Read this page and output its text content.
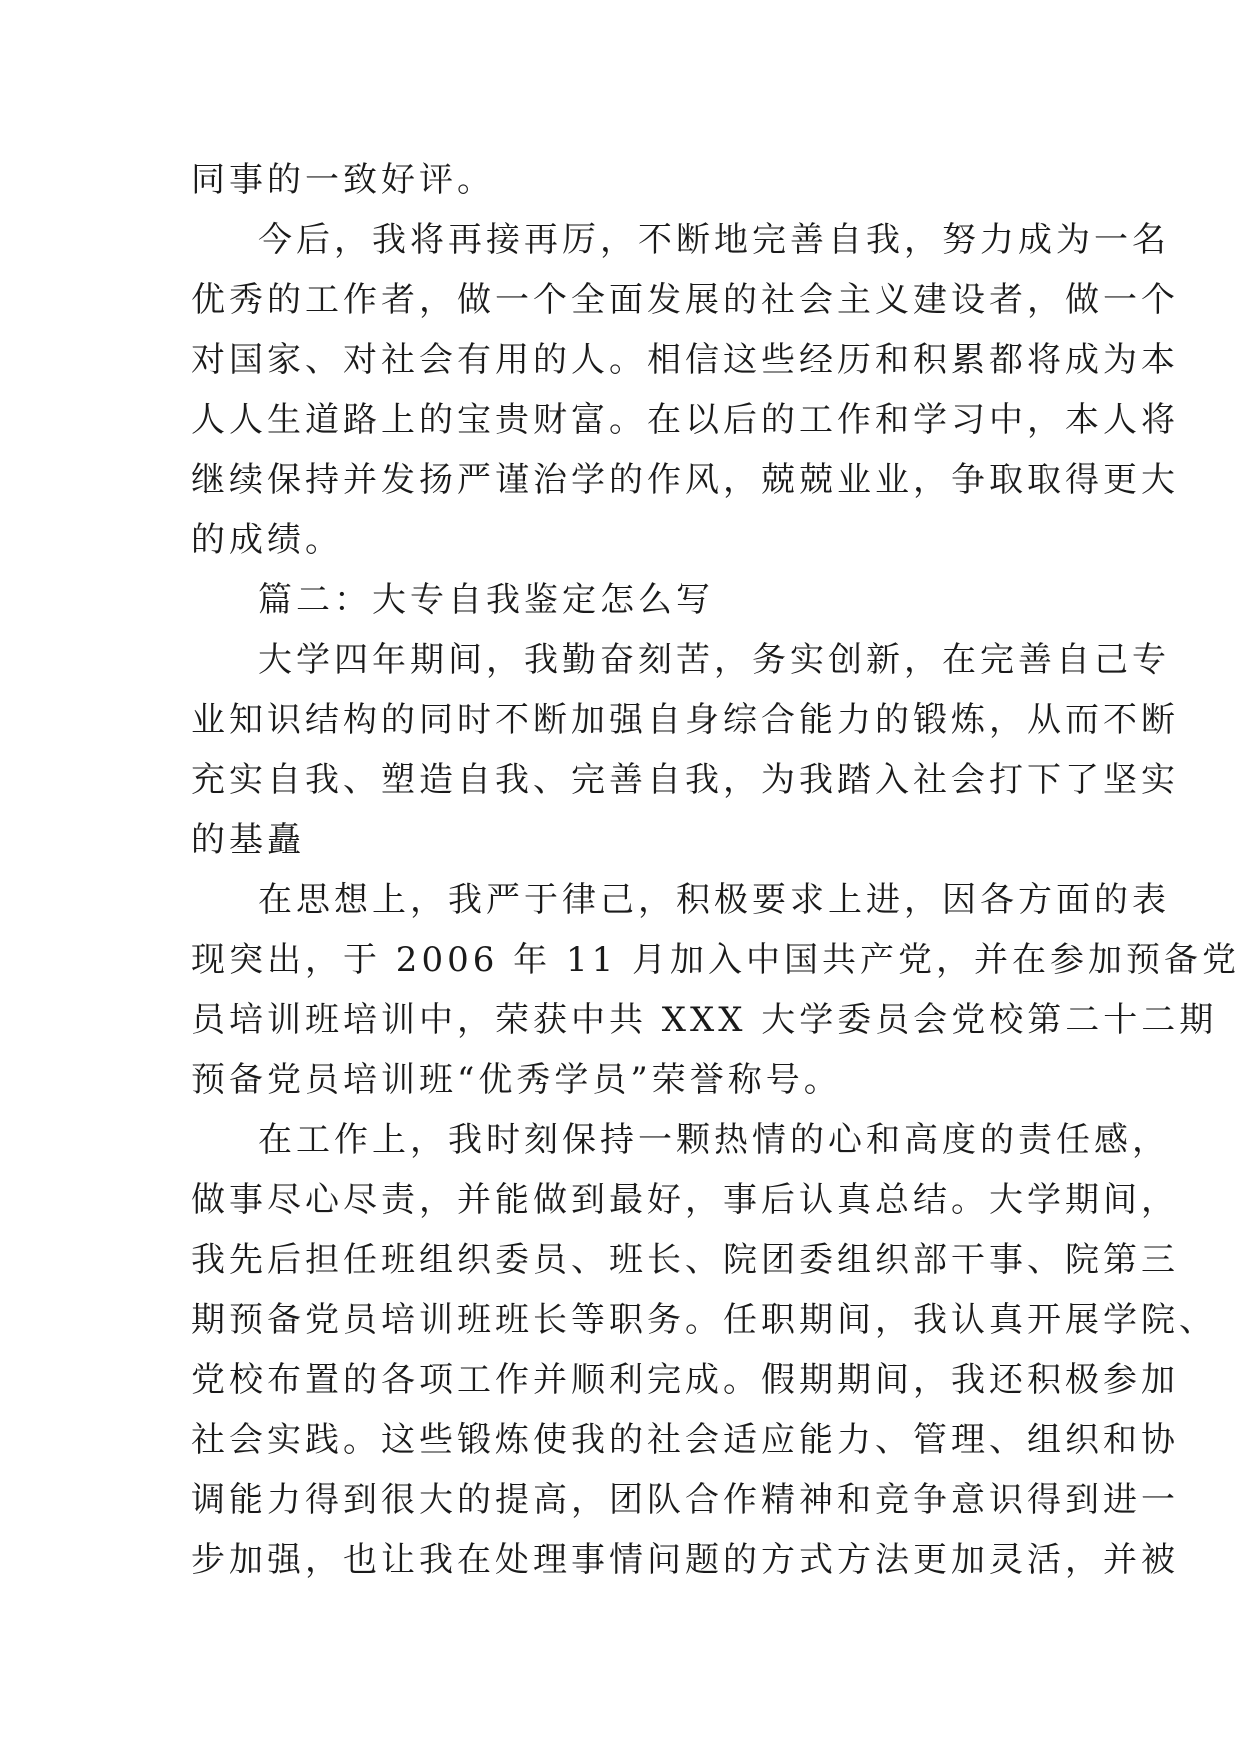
同事的一致好评。
今后，我将再接再厉，不断地完善自我，努力成为一名
优秀的工作者，做一个全面发展的社会主义建设者，做一个
对国家、对社会有用的人。相信这些经历和积累都将成为本
人人生道路上的宝贵财富。在以后的工作和学习中，本人将
继续保持并发扬严谨治学的作风，兢兢业业，争取取得更大
的成绩。
篇二：大专自我鉴定怎么写
大学四年期间，我勤奋刻苦，务实创新，在完善自己专
业知识结构的同时不断加强自身综合能力的锻炼，从而不断
充实自我、塑造自我、完善自我，为我踏入社会打下了坚实
的基矗
在思想上，我严于律己，积极要求上进，因各方面的表
现突出，于 2006 年 11 月加入中国共产党，并在参加预备党
员培训班培训中，荣获中共 XXX 大学委员会党校第二十二期
预备党员培训班“优秀学员”荣誉称号。
在工作上，我时刻保持一颗热情的心和高度的责任感，
做事尽心尽责，并能做到最好，事后认真总结。大学期间，
我先后担任班组织委员、班长、院团委组织部干事、院第三
期预备党员培训班班长等职务。任职期间，我认真开展学院、
党校布置的各项工作并顺利完成。假期期间，我还积极参加
社会实践。这些锻炼使我的社会适应能力、管理、组织和协
调能力得到很大的提高，团队合作精神和竞争意识得到进一
步加强，也让我在处理事情问题的方式方法更加灵活，并被
